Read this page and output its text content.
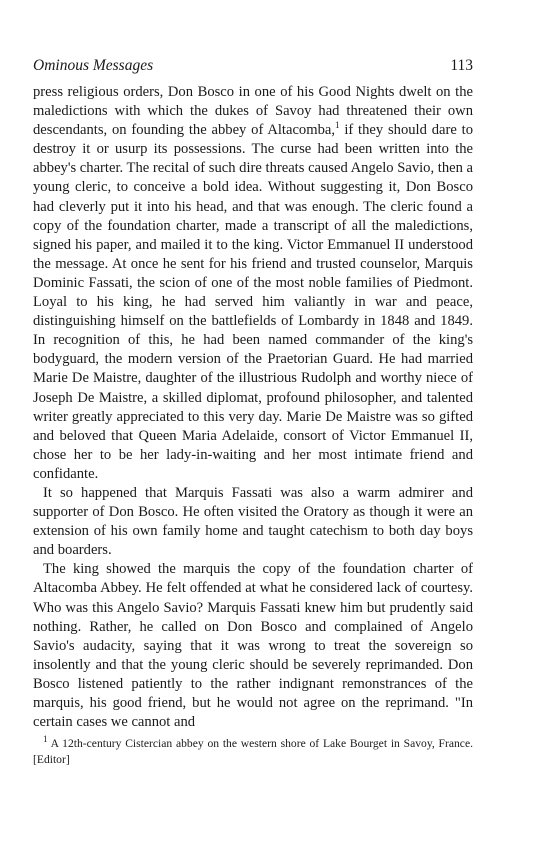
Ominous Messages	113

press religious orders, Don Bosco in one of his Good Nights dwelt on the maledictions with which the dukes of Savoy had threatened their own descendants, on founding the abbey of Altacomba,$^1$ if they should dare to destroy it or usurp its possessions. The curse had been written into the abbey's charter. The recital of such dire threats caused Angelo Savio, then a young cleric, to conceive a bold idea. Without suggesting it, Don Bosco had cleverly put it into his head, and that was enough. The cleric found a copy of the foundation charter, made a transcript of all the maledictions, signed his paper, and mailed it to the king. Victor Emmanuel II understood the message. At once he sent for his friend and trusted counselor, Marquis Dominic Fassati, the scion of one of the most noble families of Piedmont. Loyal to his king, he had served him valiantly in war and peace, distinguishing himself on the battlefields of Lombardy in 1848 and 1849. In recognition of this, he had been named commander of the king's bodyguard, the modern version of the Praetorian Guard. He had married Marie De Maistre, daughter of the illustrious Rudolph and worthy niece of Joseph De Maistre, a skilled diplomat, profound philosopher, and talented writer greatly appreciated to this very day. Marie De Maistre was so gifted and beloved that Queen Maria Adelaide, consort of Victor Emmanuel II, chose her to be her lady-in-waiting and her most intimate friend and confidante.

It so happened that Marquis Fassati was also a warm admirer and supporter of Don Bosco. He often visited the Oratory as though it were an extension of his own family home and taught catechism to both day boys and boarders.

The king showed the marquis the copy of the foundation charter of Altacomba Abbey. He felt offended at what he considered lack of courtesy. Who was this Angelo Savio? Marquis Fassati knew him but prudently said nothing. Rather, he called on Don Bosco and complained of Angelo Savio's audacity, saying that it was wrong to treat the sovereign so insolently and that the young cleric should be severely reprimanded. Don Bosco listened patiently to the rather indignant remonstrances of the marquis, his good friend, but he would not agree on the reprimand. "In certain cases we cannot and

$^1$ A 12th-century Cistercian abbey on the western shore of Lake Bourget in Savoy, France. [Editor]
